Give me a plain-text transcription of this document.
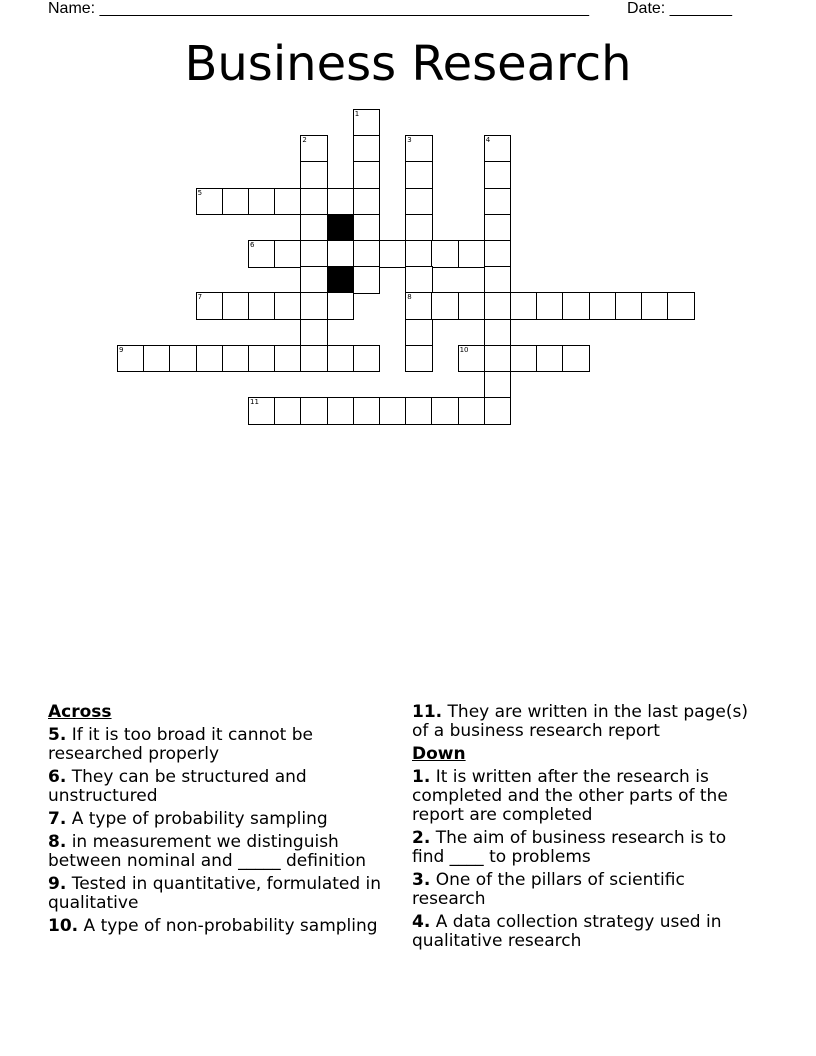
Name: _______________________________________________________ Date: _______
Business Research
1
2	3	4
5
6
7	8
9	10
11
Across
5. If it is too broad it cannot be researched properly
6. They can be structured and unstructured
7. A type of probability sampling
8. in measurement we distinguish between nominal and _____ definition
9. Tested in quantitative, formulated in qualitative
10. A type of non-probability sampling
11. They are written in the last page(s) of a business research report
Down
1. It is written after the research is completed and the other parts of the report are completed
2. The aim of business research is to find ____ to problems
3. One of the pillars of scientific research
4. A data collection strategy used in qualitative research
